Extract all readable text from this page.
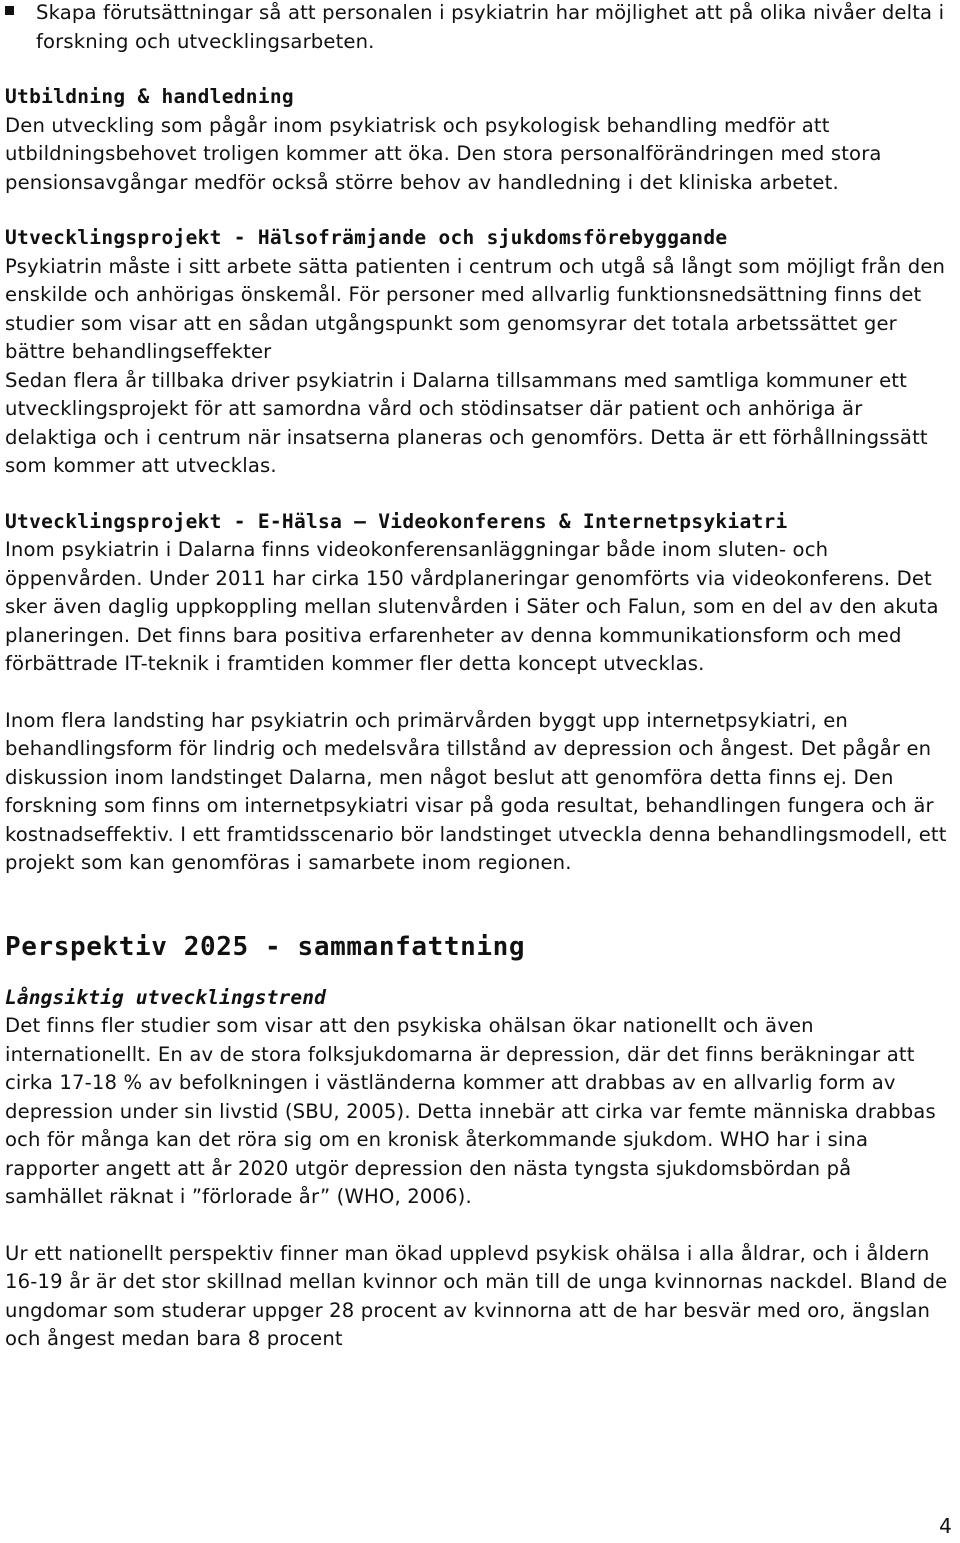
Skapa förutsättningar så att personalen i psykiatrin har möjlighet att på olika nivåer delta i forskning och utvecklingsarbeten.
Utbildning & handledning

Den utveckling som pågår inom psykiatrisk och psykologisk behandling medför att utbildningsbehovet troligen kommer att öka. Den stora personalförändringen med stora pensionsavgångar medför också större behov av handledning i det kliniska arbetet.

Utvecklingsprojekt - Hälsofrämjande och sjukdomsförebyggande

Psykiatrin måste i sitt arbete sätta patienten i centrum och utgå så långt som möjligt från den enskilde och anhörigas önskemål. För personer med allvarlig funktionsnedsättning finns det studier som visar att en sådan utgångspunkt som genomsyrar det totala arbetssättet ger bättre behandlingseffekter

Sedan flera år tillbaka driver psykiatrin i Dalarna tillsammans med samtliga kommuner ett utvecklingsprojekt för att samordna vård och stödinsatser där patient och anhöriga är delaktiga och i centrum när insatserna planeras och genomförs. Detta är ett förhållningssätt som kommer att utvecklas.

Utvecklingsprojekt - E-Hälsa — Videokonferens & Internetpsykiatri

Inom psykiatrin i Dalarna finns videokonferensanläggningar både inom sluten- och öppenvården. Under 2011 har cirka 150 vårdplaneringar genomförts via videokonferens. Det sker även daglig uppkoppling mellan slutenvården i Säter och Falun, som en del av den akuta planeringen. Det finns bara positiva erfarenheter av denna kommunikationsform och med förbättrade IT-teknik i framtiden kommer fler detta koncept utvecklas.

Inom flera landsting har psykiatrin och primärvården byggt upp internetpsykiatri, en behandlingsform för lindrig och medelsvåra tillstånd av depression och ångest. Det pågår en diskussion inom landstinget Dalarna, men något beslut att genomföra detta finns ej. Den forskning som finns om internetpsykiatri visar på goda resultat, behandlingen fungera och är kostnadseffektiv. I ett framtidsscenario bör landstinget utveckla denna behandlingsmodell, ett projekt som kan genomföras i samarbete inom regionen.

Perspektiv 2025 - sammanfattning
Långsiktig utvecklingstrend

Det finns fler studier som visar att den psykiska ohälsan ökar nationellt och även internationellt. En av de stora folksjukdomarna är depression, där det finns beräkningar att cirka 17-18 % av befolkningen i västländerna kommer att drabbas av en allvarlig form av depression under sin livstid (SBU, 2005). Detta innebär att cirka var femte människa drabbas och för många kan det röra sig om en kronisk återkommande sjukdom. WHO har i sina rapporter angett att år 2020 utgör depression den nästa tyngsta sjukdomsbördan på samhället räknat i ”förlorade år” (WHO, 2006).

Ur ett nationellt perspektiv finner man ökad upplevd psykisk ohälsa i alla åldrar, och i åldern 16-19 år är det stor skillnad mellan kvinnor och män till de unga kvinnornas nackdel. Bland de ungdomar som studerar uppger 28 procent av kvinnorna att de har besvär med oro, ängslan och ångest medan bara 8 procent

4
